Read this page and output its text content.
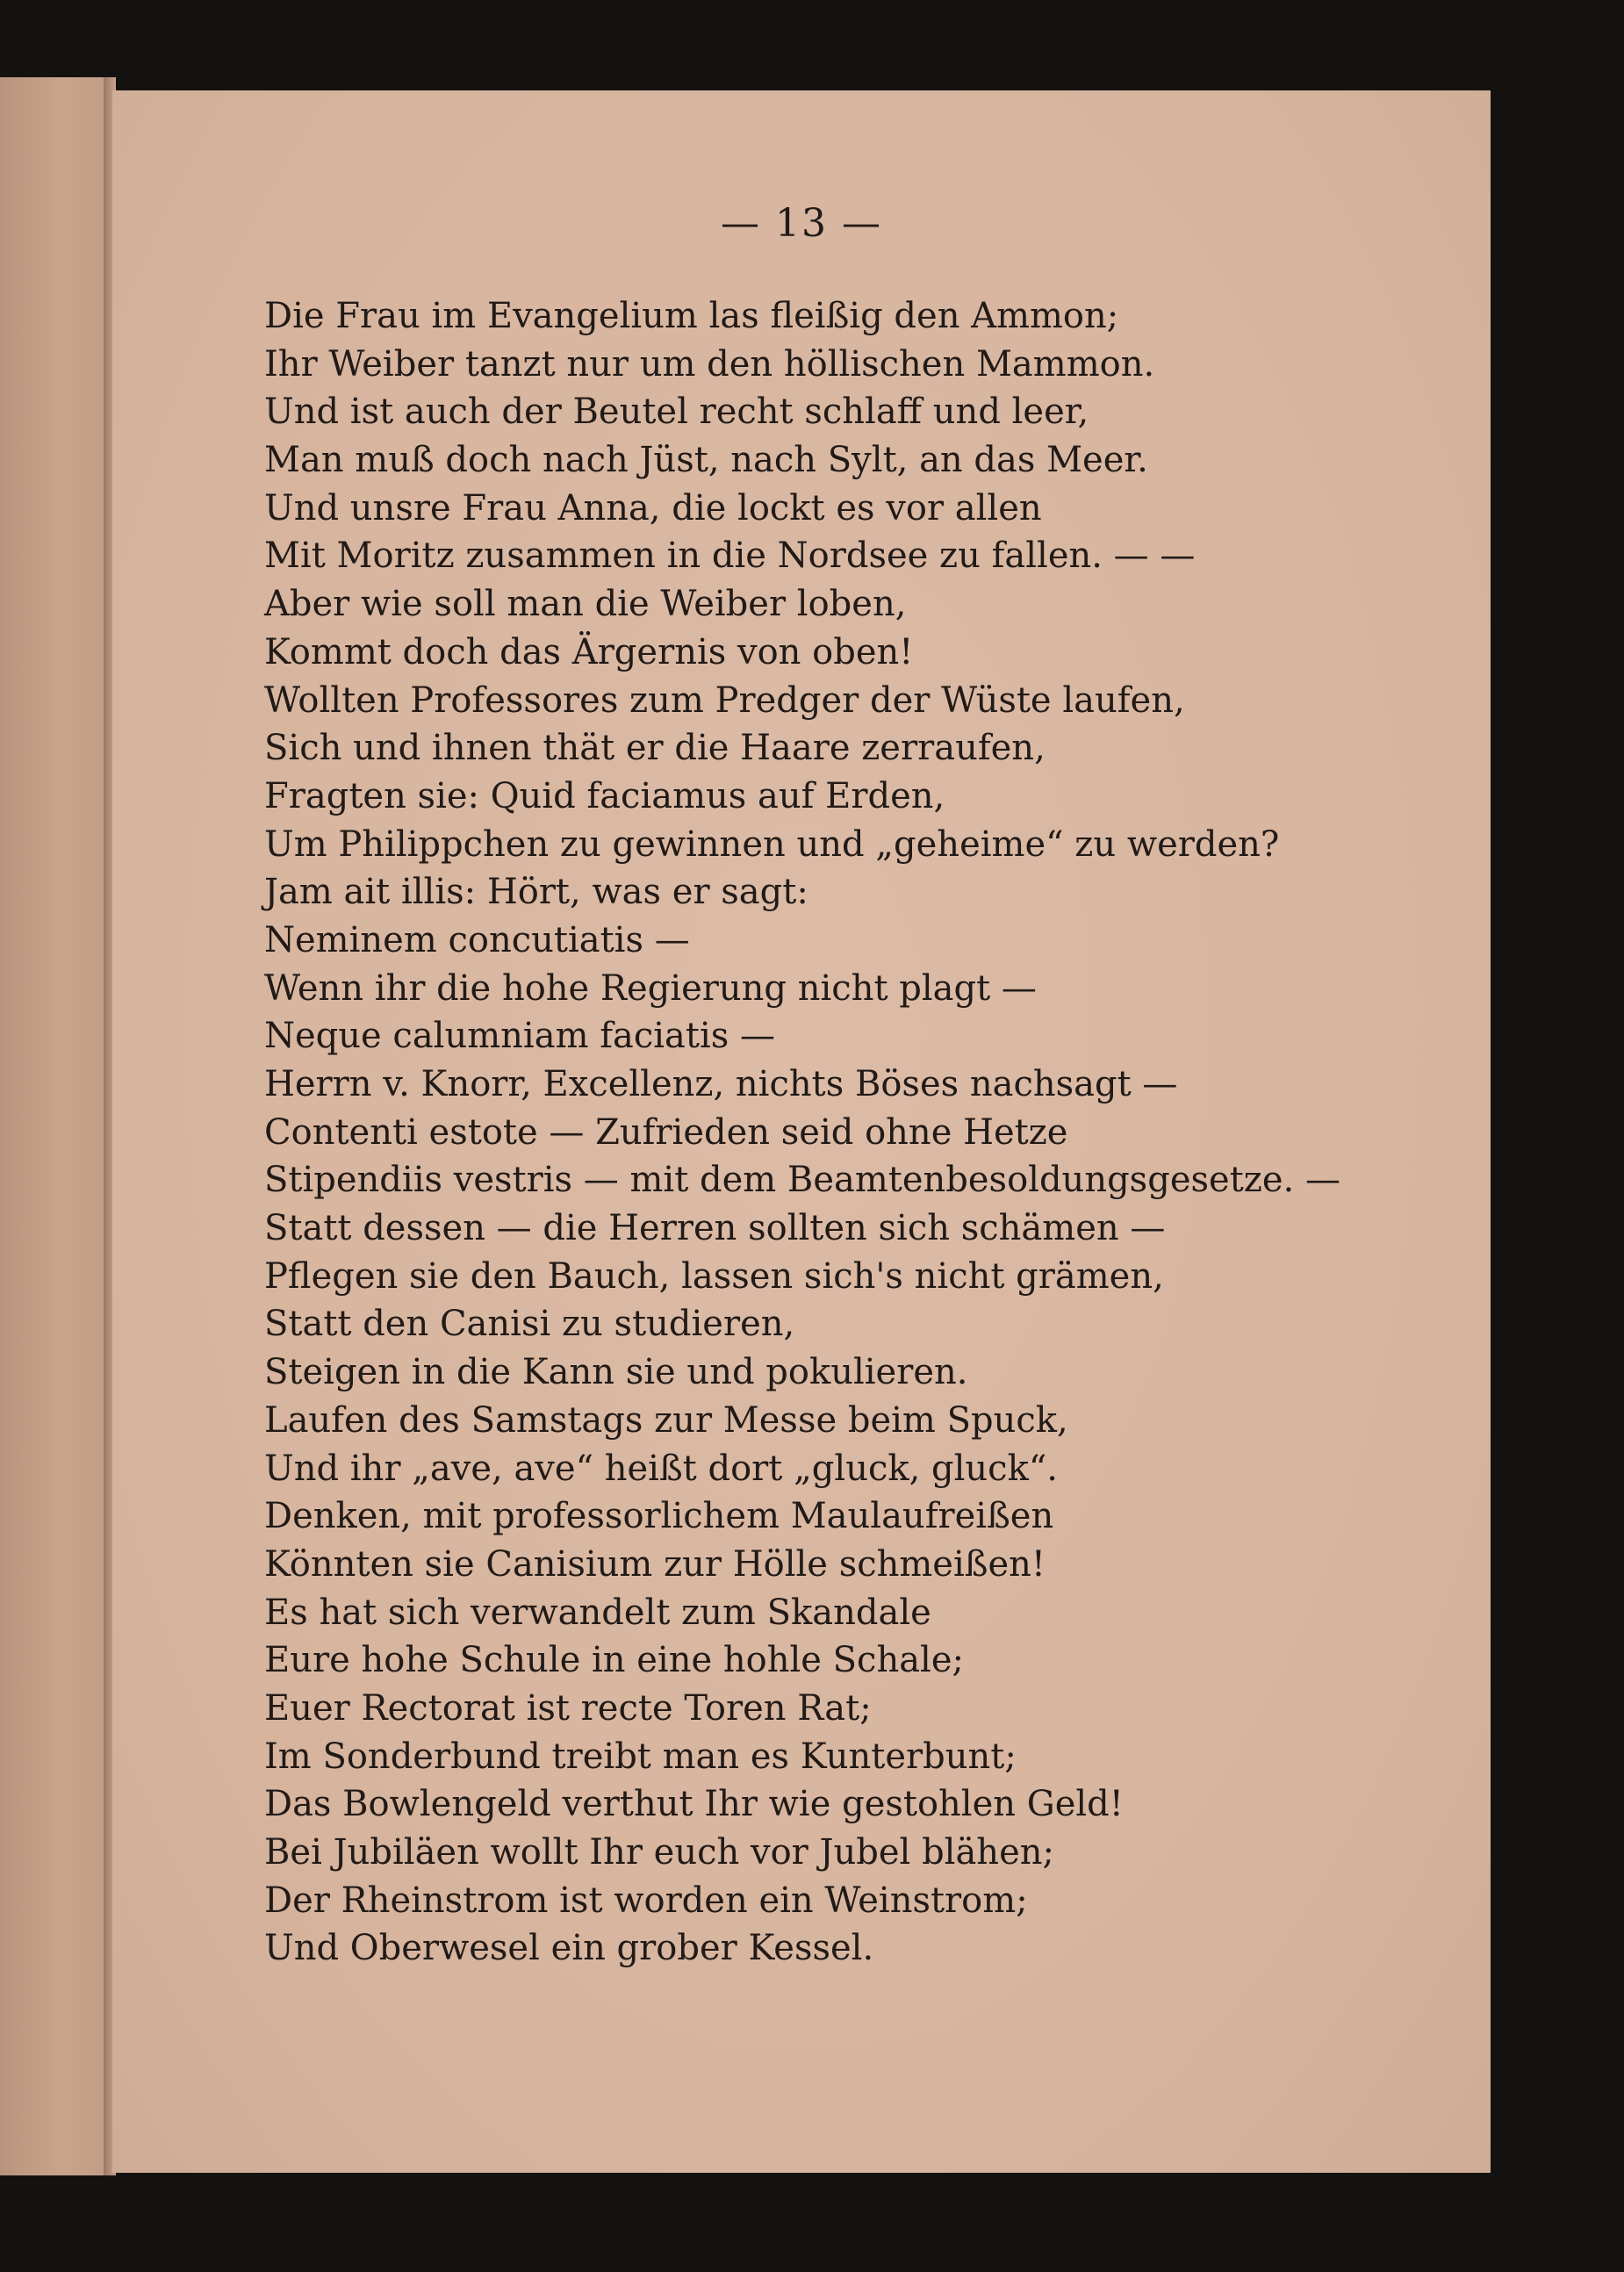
— 13 —
Die Frau im Evangelium las fleißig den Ammon;
Ihr Weiber tanzt nur um den höllischen Mammon.
Und ist auch der Beutel recht schlaff und leer,
Man muß doch nach Jüst, nach Sylt, an das Meer.
Und unsre Frau Anna, die lockt es vor allen
Mit Moritz zusammen in die Nordsee zu fallen. — —
Aber wie soll man die Weiber loben,
Kommt doch das Ärgernis von oben!
Wollten Professores zum Predger der Wüste laufen,
Sich und ihnen thät er die Haare zerraufen,
Fragten sie: Quid faciamus auf Erden,
Um Philippchen zu gewinnen und „geheime“ zu werden?
Jam ait illis: Hört, was er sagt:
Neminem concutiatis —
Wenn ihr die hohe Regierung nicht plagt —
Neque calumniam faciatis —
Herrn v. Knorr, Excellenz, nichts Böses nachsagt —
Contenti estote — Zufrieden seid ohne Hetze
Stipendiis vestris — mit dem Beamtenbesoldungsgesetze. —
Statt dessen — die Herren sollten sich schämen —
Pflegen sie den Bauch, lassen sich's nicht grämen,
Statt den Canisi zu studieren,
Steigen in die Kann sie und pokulieren.
Laufen des Samstags zur Messe beim Spuck,
Und ihr „ave, ave“ heißt dort „gluck, gluck“.
Denken, mit professorlichem Maulaufreißen
Könnten sie Canisium zur Hölle schmeißen!
Es hat sich verwandelt zum Skandale
Eure hohe Schule in eine hohle Schale;
Euer Rectorat ist recte Toren Rat;
Im Sonderbund treibt man es Kunterbunt;
Das Bowlengeld verthut Ihr wie gestohlen Geld!
Bei Jubiläen wollt Ihr euch vor Jubel blähen;
Der Rheinstrom ist worden ein Weinstrom;
Und Oberwesel ein grober Kessel.
